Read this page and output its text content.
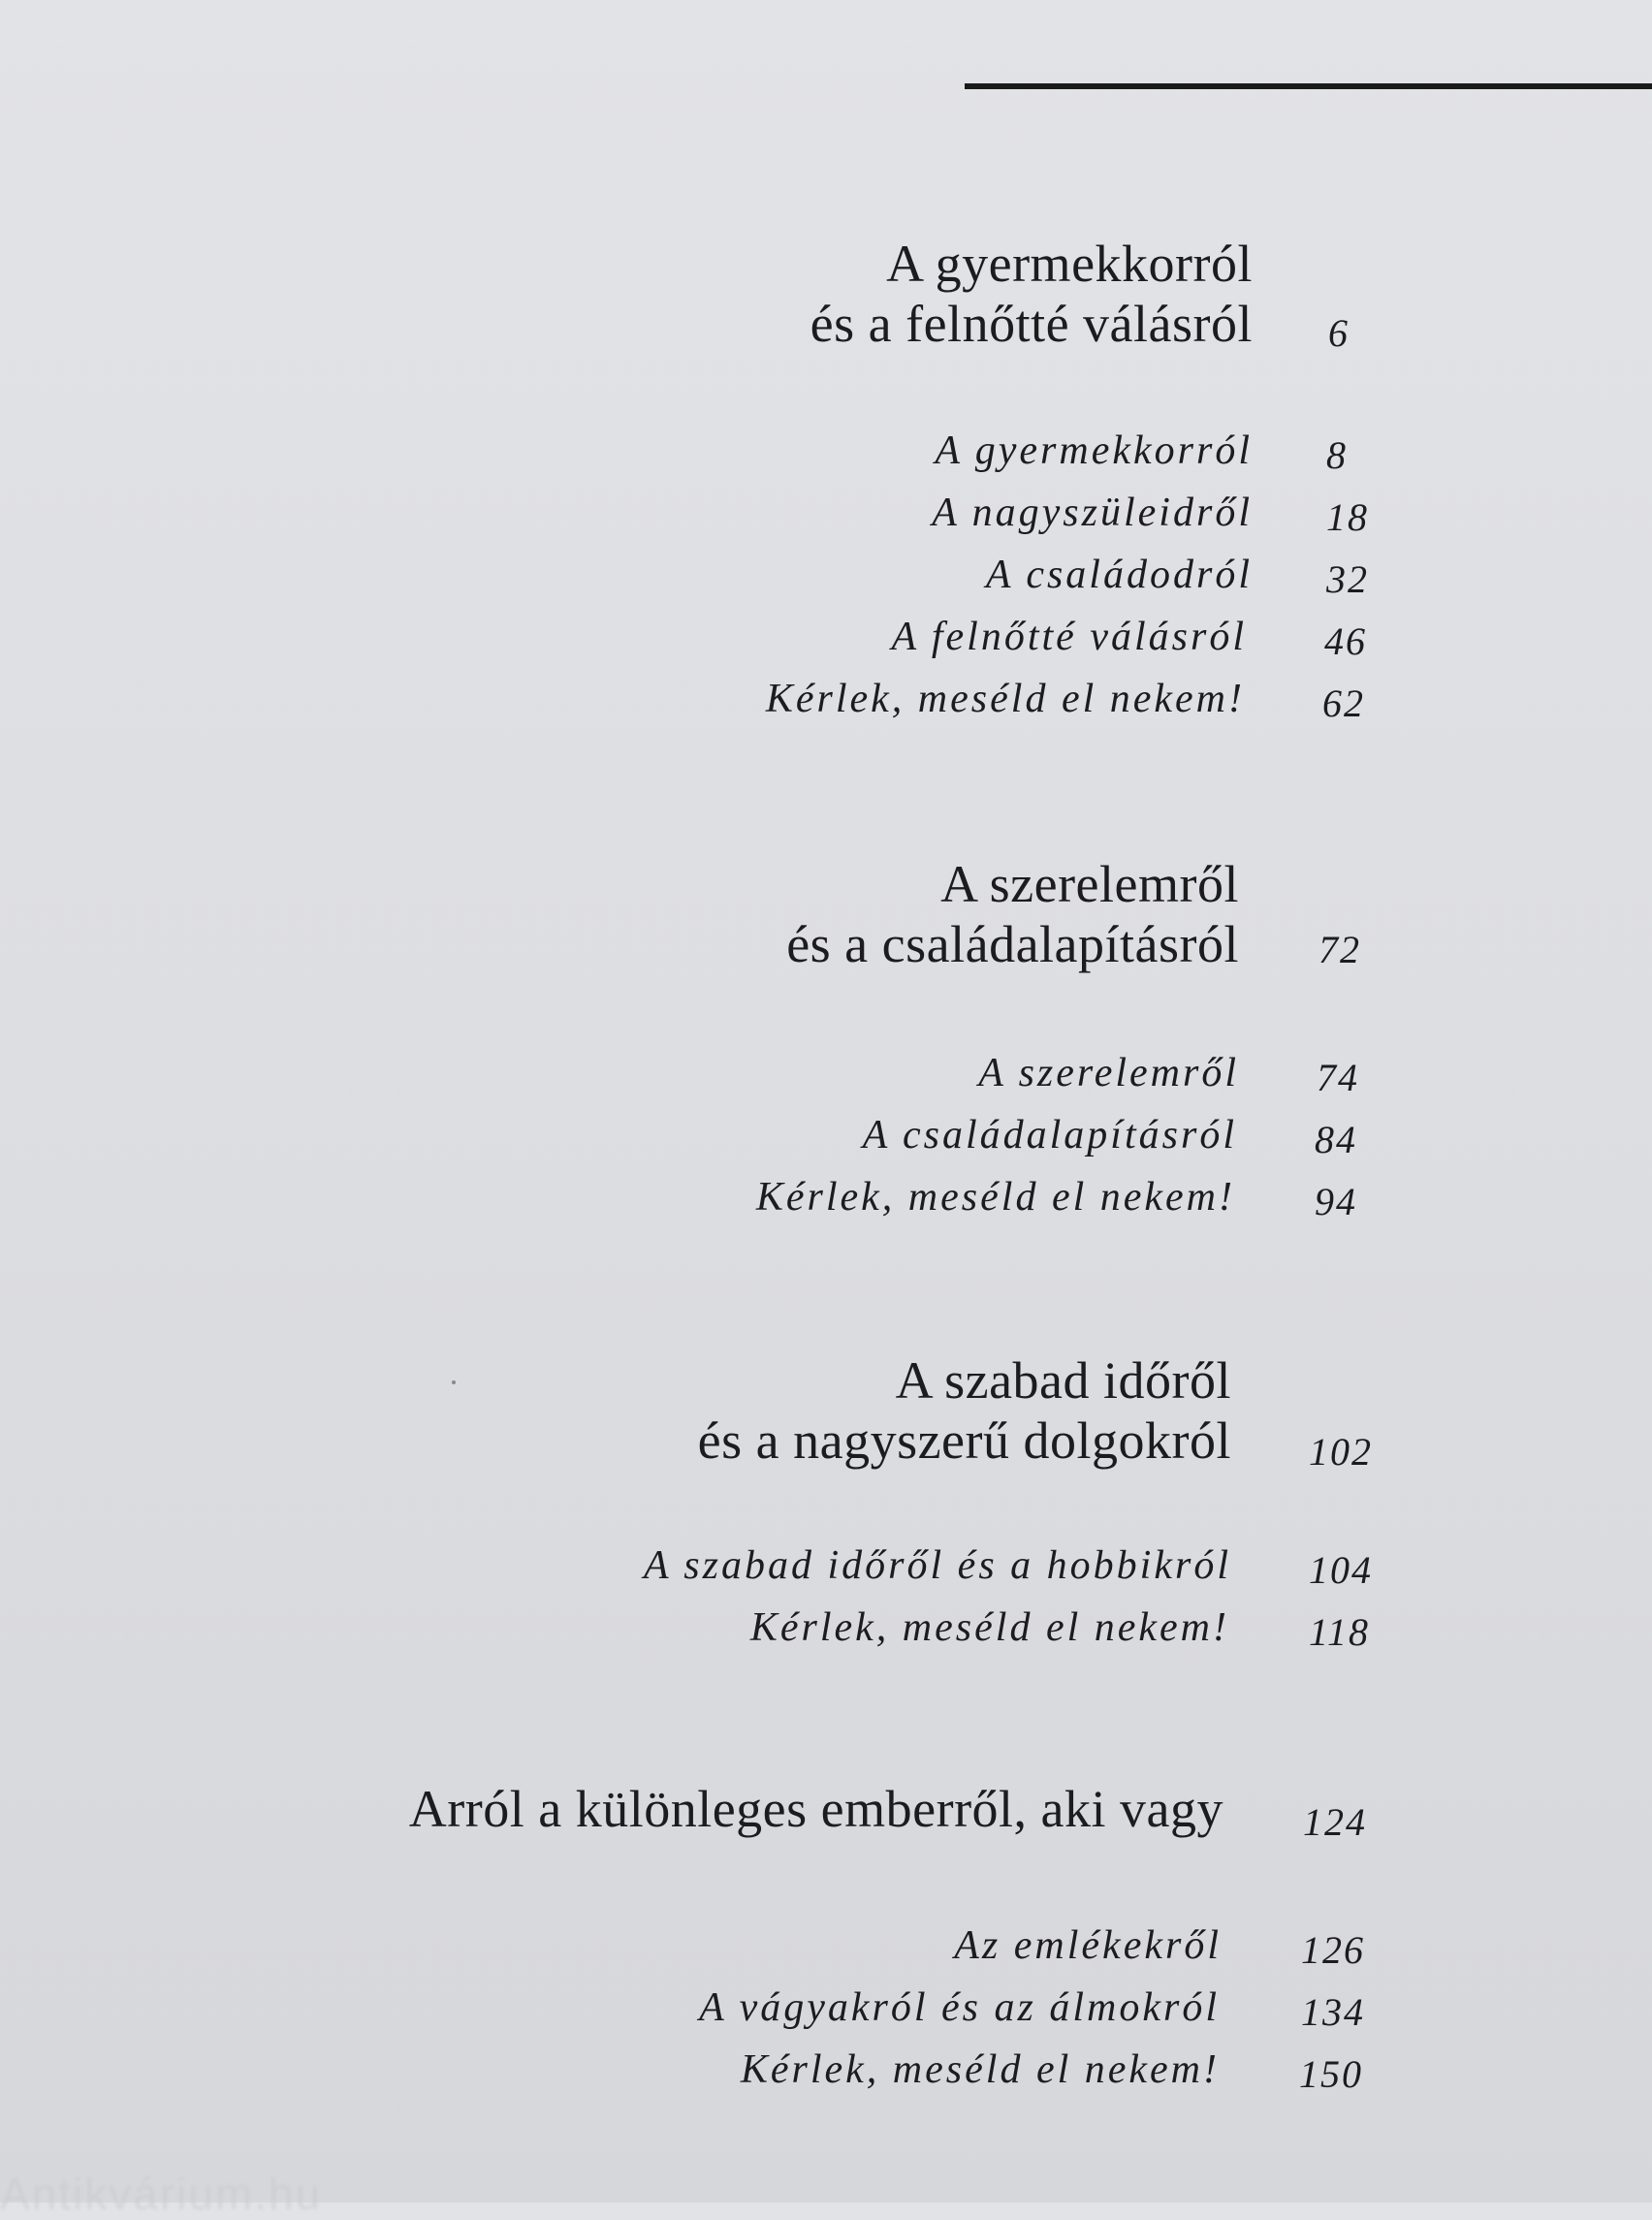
A gyermekkorról
és a felnőtté válásról 6
A gyermekkorról 8
A nagyszüleidről 18
A családodról 32
A felnőtté válásról 46
Kérlek, meséld el nekem! 62
A szerelemről
és a családalapításról 72
A szerelemről 74
A családalapításról 84
Kérlek, meséld el nekem! 94
A szabad időről
és a nagyszerű dolgokról 102
A szabad időről és a hobbikról 104
Kérlek, meséld el nekem! 118
Arról a különleges emberről, aki vagy 124
Az emlékekről 126
A vágyakról és az álmokról 134
Kérlek, meséld el nekem! 150
Antikvárium.hu
